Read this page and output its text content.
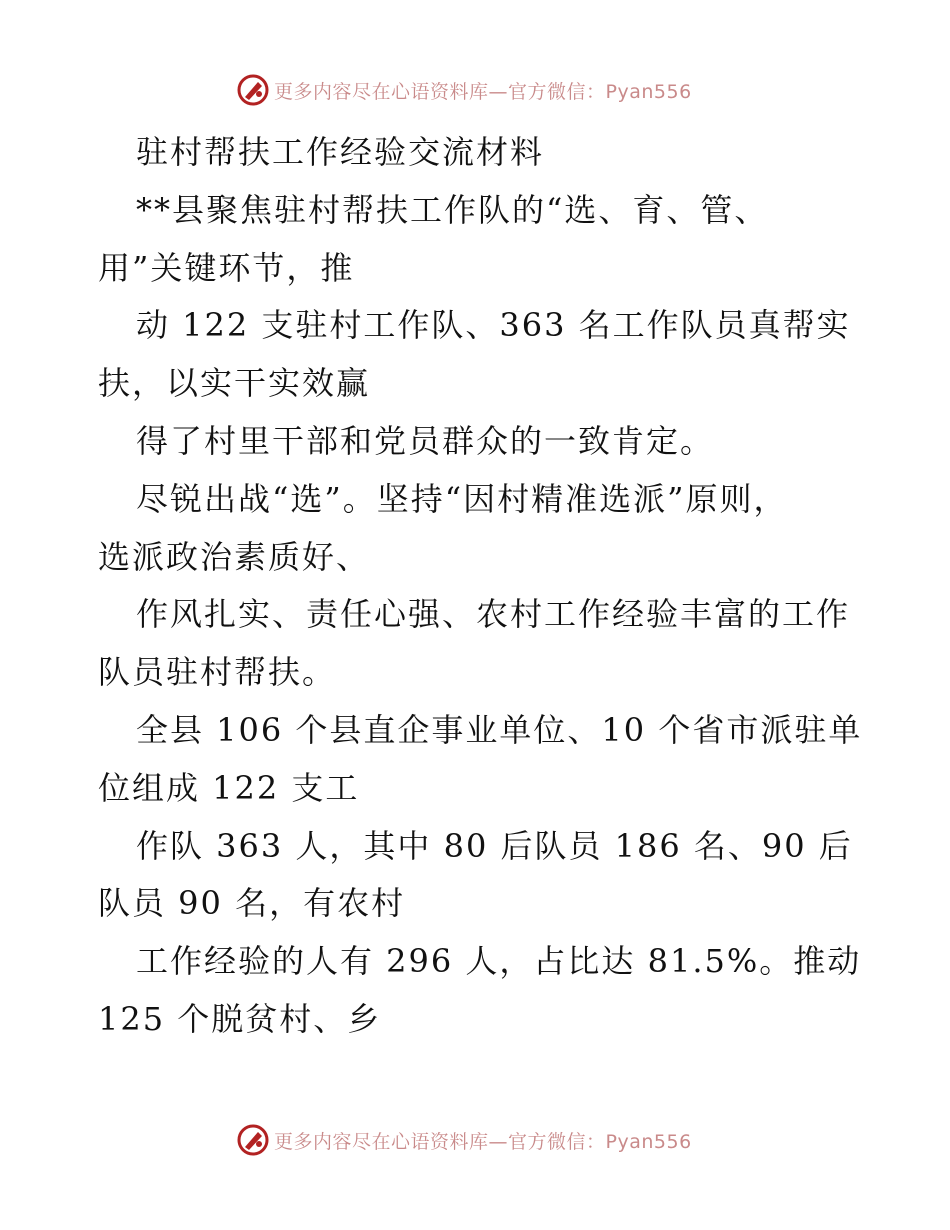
更多内容尽在心语资料库—官方微信：Pyan556
驻村帮扶工作经验交流材料
**县聚焦驻村帮扶工作队的“选、育、管、
用”关键环节，推
动 122 支驻村工作队、363 名工作队员真帮实
扶，以实干实效赢
得了村里干部和党员群众的一致肯定。
尽锐出战“选”。坚持“因村精准选派”原则，
选派政治素质好、
作风扎实、责任心强、农村工作经验丰富的工作
队员驻村帮扶。
全县 106 个县直企事业单位、10 个省市派驻单
位组成 122 支工
作队 363 人，其中 80 后队员 186 名、90 后
队员 90 名，有农村
工作经验的人有 296 人，占比达 81.5%。推动
125 个脱贫村、乡
更多内容尽在心语资料库—官方微信：Pyan556
